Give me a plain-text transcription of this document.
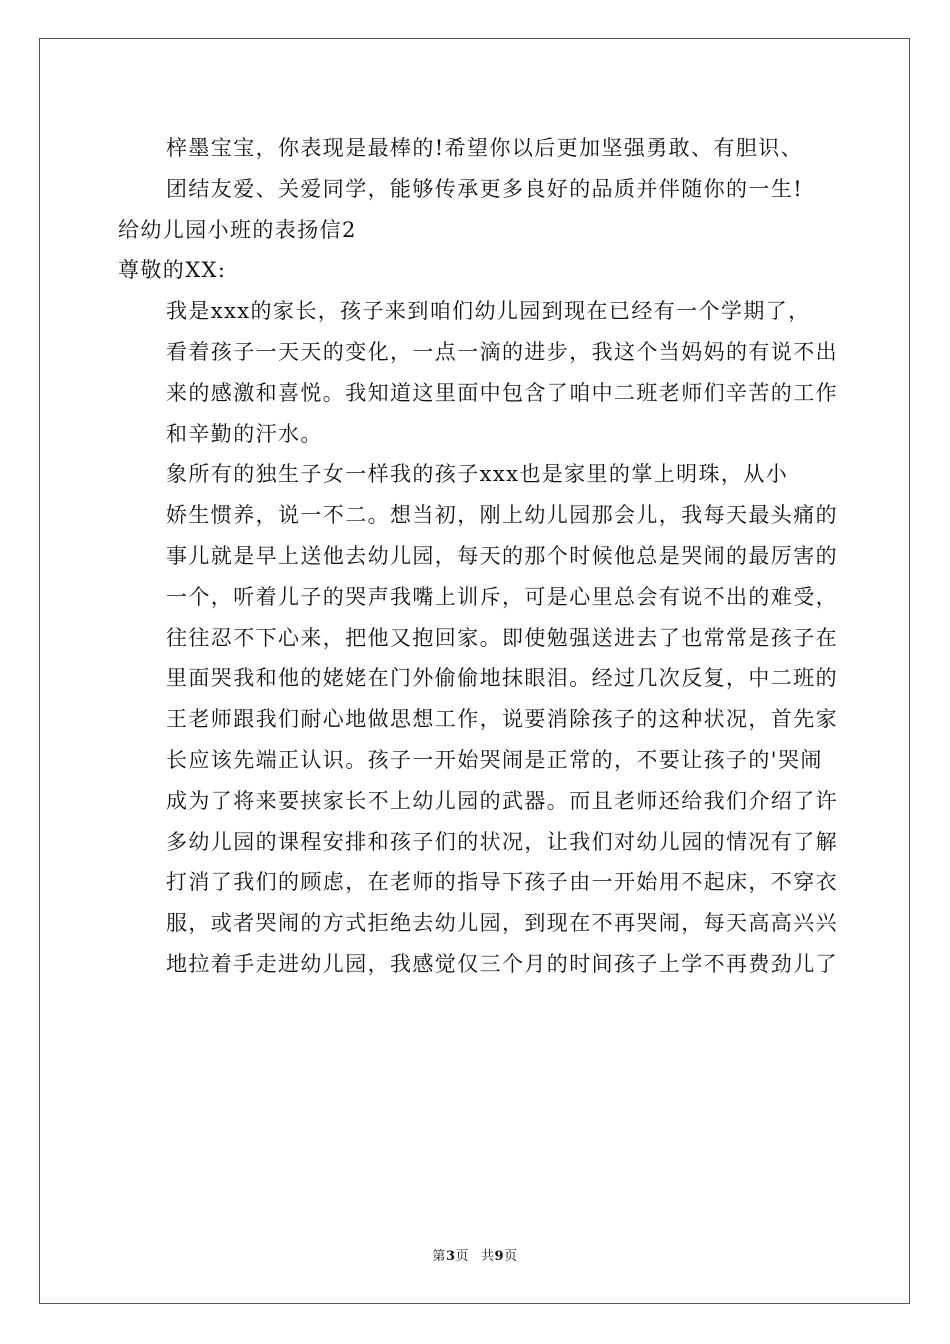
梓墨宝宝，你表现是最棒的!希望你以后更加坚强勇敢、有胆识、
团结友爱、关爱同学，能够传承更多良好的品质并伴随你的一生!

给幼儿园小班的表扬信2

尊敬的XX:

我是xxx的家长，孩子来到咱们幼儿园到现在已经有一个学期了，
看着孩子一天天的变化，一点一滴的进步，我这个当妈妈的有说不出
来的感激和喜悦。我知道这里面中包含了咱中二班老师们辛苦的工作
和辛勤的汗水。

象所有的独生子女一样我的孩子xxx也是家里的掌上明珠，从小
娇生惯养，说一不二。想当初，刚上幼儿园那会儿，我每天最头痛的
事儿就是早上送他去幼儿园，每天的那个时候他总是哭闹的最厉害的
一个，听着儿子的哭声我嘴上训斥，可是心里总会有说不出的难受，
往往忍不下心来，把他又抱回家。即使勉强送进去了也常常是孩子在
里面哭我和他的姥姥在门外偷偷地抹眼泪。经过几次反复，中二班的
王老师跟我们耐心地做思想工作，说要消除孩子的这种状况，首先家
长应该先端正认识。孩子一开始哭闹是正常的，不要让孩子的'哭闹
成为了将来要挟家长不上幼儿园的武器。而且老师还给我们介绍了许
多幼儿园的课程安排和孩子们的状况，让我们对幼儿园的情况有了解
打消了我们的顾虑，在老师的指导下孩子由一开始用不起床，不穿衣
服，或者哭闹的方式拒绝去幼儿园，到现在不再哭闹，每天高高兴兴
地拉着手走进幼儿园，我感觉仅三个月的时间孩子上学不再费劲儿了

第3页 共9页
